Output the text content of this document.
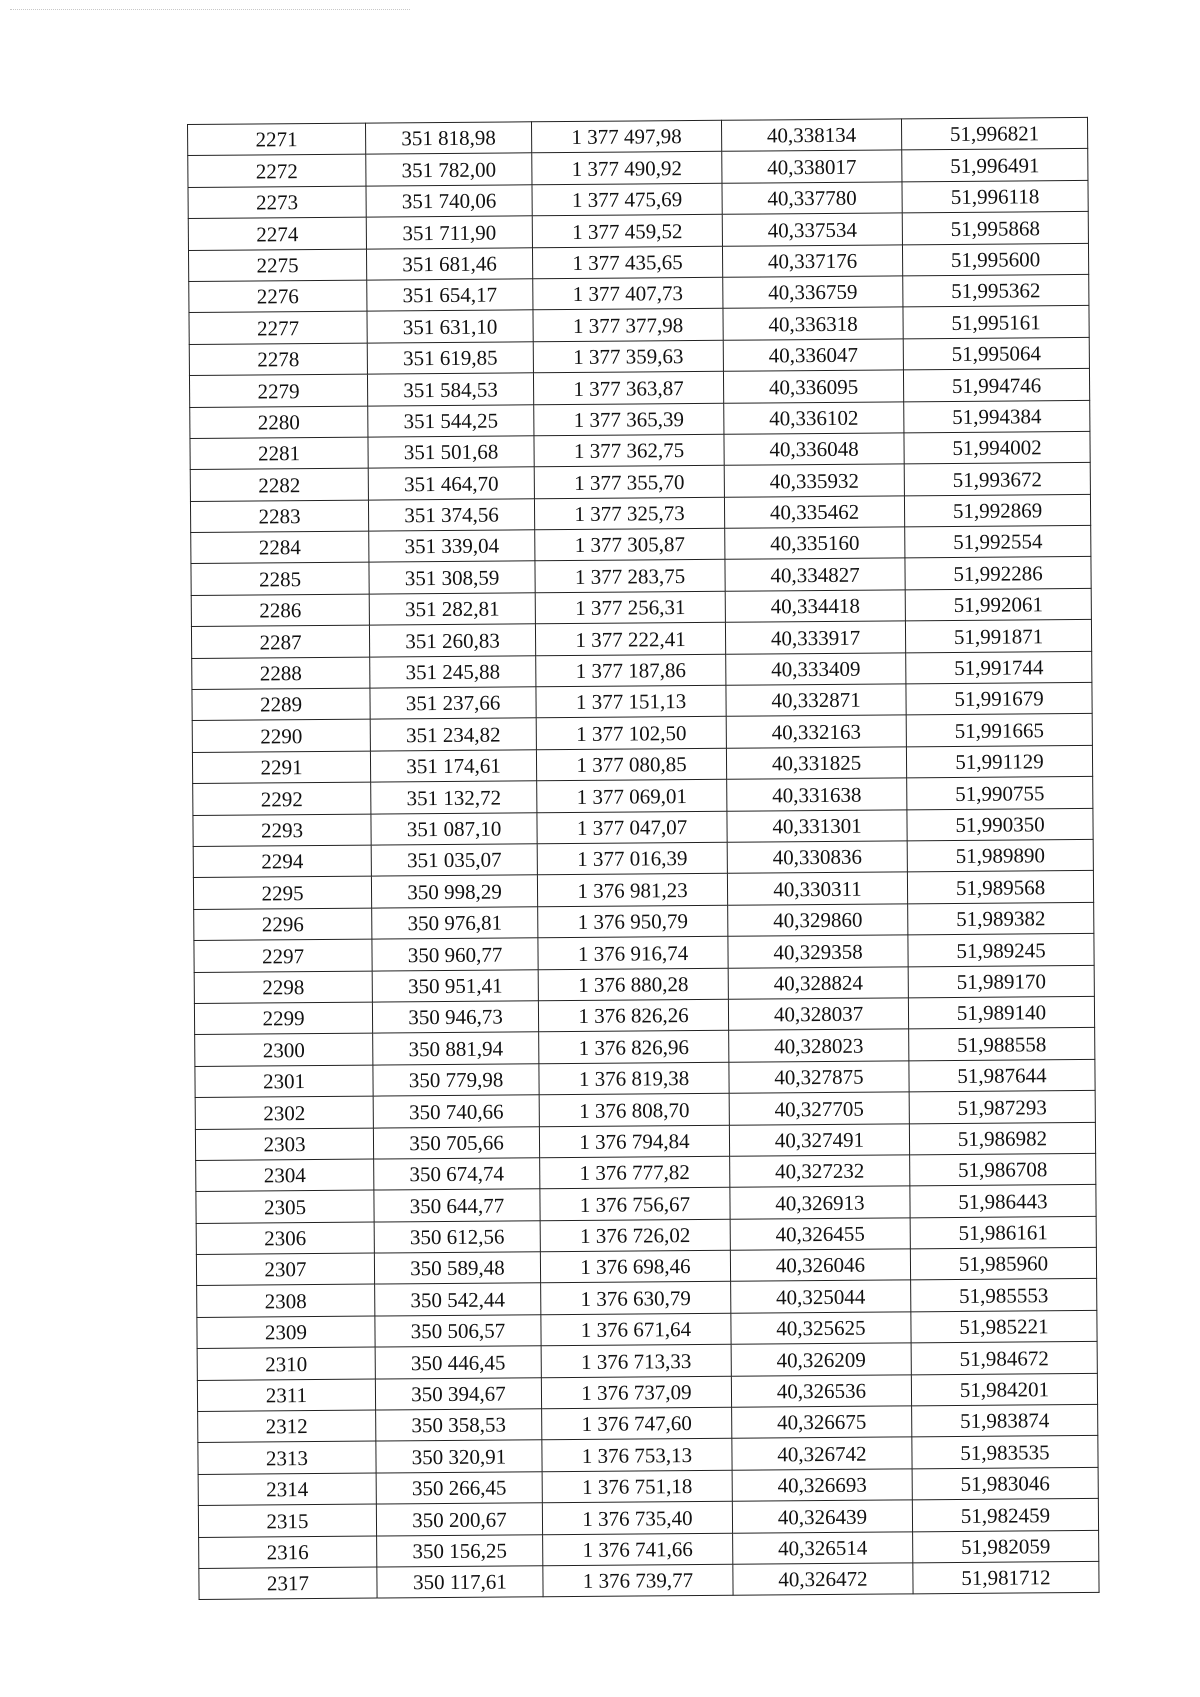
2271	351 818,98	1 377 497,98	40,338134	51,996821
2272	351 782,00	1 377 490,92	40,338017	51,996491
2273	351 740,06	1 377 475,69	40,337780	51,996118
2274	351 711,90	1 377 459,52	40,337534	51,995868
2275	351 681,46	1 377 435,65	40,337176	51,995600
2276	351 654,17	1 377 407,73	40,336759	51,995362
2277	351 631,10	1 377 377,98	40,336318	51,995161
2278	351 619,85	1 377 359,63	40,336047	51,995064
2279	351 584,53	1 377 363,87	40,336095	51,994746
2280	351 544,25	1 377 365,39	40,336102	51,994384
2281	351 501,68	1 377 362,75	40,336048	51,994002
2282	351 464,70	1 377 355,70	40,335932	51,993672
2283	351 374,56	1 377 325,73	40,335462	51,992869
2284	351 339,04	1 377 305,87	40,335160	51,992554
2285	351 308,59	1 377 283,75	40,334827	51,992286
2286	351 282,81	1 377 256,31	40,334418	51,992061
2287	351 260,83	1 377 222,41	40,333917	51,991871
2288	351 245,88	1 377 187,86	40,333409	51,991744
2289	351 237,66	1 377 151,13	40,332871	51,991679
2290	351 234,82	1 377 102,50	40,332163	51,991665
2291	351 174,61	1 377 080,85	40,331825	51,991129
2292	351 132,72	1 377 069,01	40,331638	51,990755
2293	351 087,10	1 377 047,07	40,331301	51,990350
2294	351 035,07	1 377 016,39	40,330836	51,989890
2295	350 998,29	1 376 981,23	40,330311	51,989568
2296	350 976,81	1 376 950,79	40,329860	51,989382
2297	350 960,77	1 376 916,74	40,329358	51,989245
2298	350 951,41	1 376 880,28	40,328824	51,989170
2299	350 946,73	1 376 826,26	40,328037	51,989140
2300	350 881,94	1 376 826,96	40,328023	51,988558
2301	350 779,98	1 376 819,38	40,327875	51,987644
2302	350 740,66	1 376 808,70	40,327705	51,987293
2303	350 705,66	1 376 794,84	40,327491	51,986982
2304	350 674,74	1 376 777,82	40,327232	51,986708
2305	350 644,77	1 376 756,67	40,326913	51,986443
2306	350 612,56	1 376 726,02	40,326455	51,986161
2307	350 589,48	1 376 698,46	40,326046	51,985960
2308	350 542,44	1 376 630,79	40,325044	51,985553
2309	350 506,57	1 376 671,64	40,325625	51,985221
2310	350 446,45	1 376 713,33	40,326209	51,984672
2311	350 394,67	1 376 737,09	40,326536	51,984201
2312	350 358,53	1 376 747,60	40,326675	51,983874
2313	350 320,91	1 376 753,13	40,326742	51,983535
2314	350 266,45	1 376 751,18	40,326693	51,983046
2315	350 200,67	1 376 735,40	40,326439	51,982459
2316	350 156,25	1 376 741,66	40,326514	51,982059
2317	350 117,61	1 376 739,77	40,326472	51,981712
